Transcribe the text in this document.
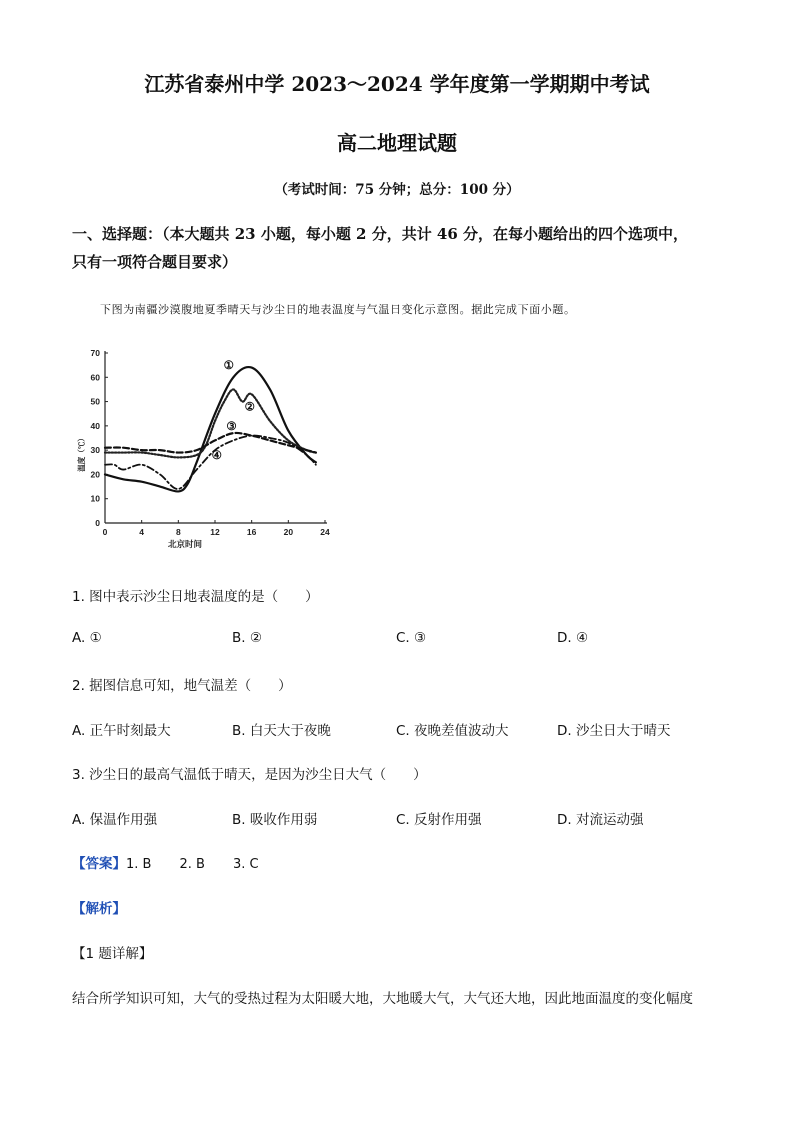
江苏省泰州中学 2023～2024 学年度第一学期期中考试
高二地理试题
（考试时间：75 分钟；总分：100 分）
一、选择题：（本大题共 23 小题，每小题 2 分，共计 46 分，在每小题给出的四个选项中，
只有一项符合题目要求）
下图为南疆沙漠腹地夏季晴天与沙尘日的地表温度与气温日变化示意图。据此完成下面小题。
0	4	8	12	16	20	24
0
10
20
30
40
50
60
70
北京时间
温度（℃）
①
②
③
④
1. 图中表示沙尘日地表温度的是（　　）
A. ①	B. ②	C. ③	D. ④
2. 据图信息可知，地气温差（　　）
A. 正午时刻最大	B. 白天大于夜晚	C. 夜晚差值波动大	D. 沙尘日大于晴天
3. 沙尘日的最高气温低于晴天，是因为沙尘日大气（　　）
A. 保温作用强	B. 吸收作用弱	C. 反射作用强	D. 对流运动强
【答案】1. B 2. B 3. C
【解析】
【1 题详解】
结合所学知识可知，大气的受热过程为太阳暖大地，大地暖大气，大气还大地，因此地面温度的变化幅度
